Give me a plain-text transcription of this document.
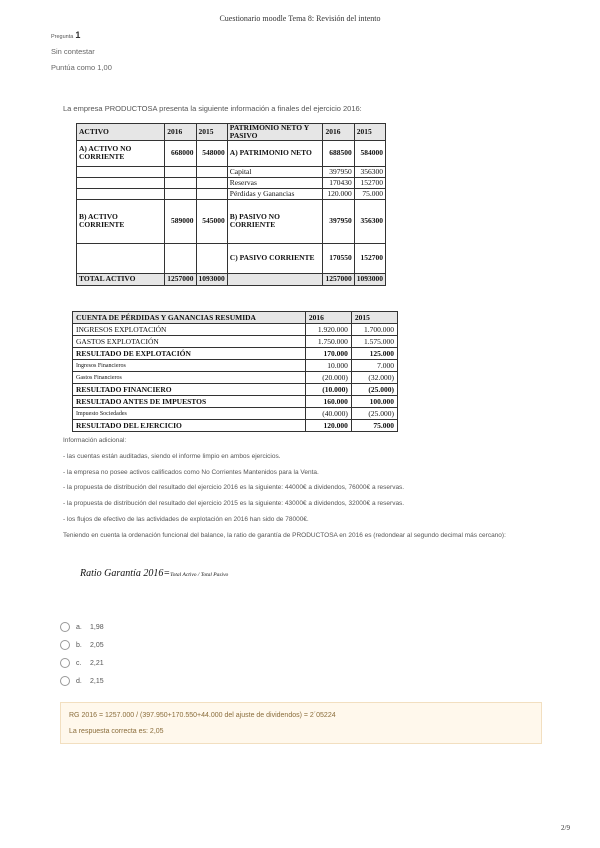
Cuestionario moodle Tema 8: Revisión del intento
Pregunta 1
Sin contestar
Puntúa como 1,00
La empresa PRODUCTOSA presenta la siguiente información a finales del ejercicio 2016:
ACTIVO	2016	2015	PATRIMONIO NETO Y PASIVO	2016	2015
A) ACTIVO NO CORRIENTE	668000	548000	A) PATRIMONIO NETO	688500	584000
			Capital	397950	356300
			Reservas	170430	152700
			Pérdidas y Ganancias	120.000	75.000
B) ACTIVO CORRIENTE	589000	545000	B) PASIVO NO CORRIENTE	397950	356300
			C) PASIVO CORRIENTE	170550	152700
TOTAL ACTIVO	1257000	1093000		1257000	1093000
CUENTA DE PÉRDIDAS Y GANANCIAS RESUMIDA	2016	2015
INGRESOS EXPLOTACIÓN	1.920.000	1.700.000
GASTOS EXPLOTACIÓN	1.750.000	1.575.000
RESULTADO DE EXPLOTACIÓN	170.000	125.000
Ingresos Financieros	10.000	7.000
Gastos Financieros	(20.000)	(32.000)
RESULTADO FINANCIERO	(10.000)	(25.000)
RESULTADO ANTES DE IMPUESTOS	160.000	100.000
Impuesto Sociedades	(40.000)	(25.000)
RESULTADO DEL EJERCICIO	120.000	75.000

Información adicional:

- las cuentas están auditadas, siendo el informe limpio en ambos ejercicios.

- la empresa no posee activos calificados como No Corrientes Mantenidos para la Venta.

- la propuesta de distribución del resultado del ejercicio 2016 es la siguiente: 44000€ a dividendos, 76000€ a reservas.

- la propuesta de distribución del resultado del ejercicio 2015 es la siguiente: 43000€ a dividendos, 32000€ a reservas.

- los flujos de efectivo de las actividades de explotación en 2016 han sido de 78000€.

Teniendo en cuenta la ordenación funcional del balance, la ratio de garantía de PRODUCTOSA en 2016 es (redondear al segundo decimal más cercano):

Ratio Garantía 2016=Total Activo / Total Pasivo
a.	1,98
b.	2,05
c.	2,21
d.	2,15
RG 2016 = 1257.000 / (397.950+170.550+44.000 del ajuste de dividendos) = 2´05224
La respuesta correcta es: 2,05
2/9
